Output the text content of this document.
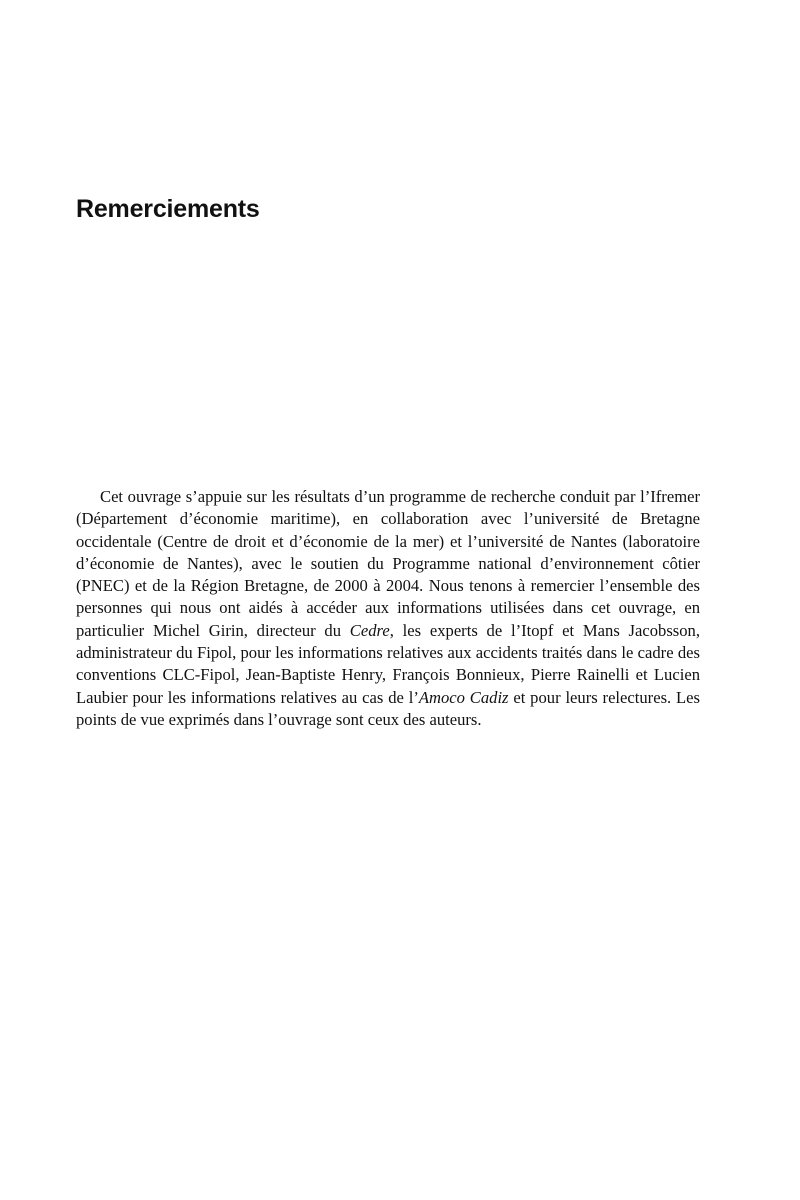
Remerciements

Cet ouvrage s’appuie sur les résultats d’un programme de recherche conduit par l’Ifremer (Département d’économie maritime), en collaboration avec l’université de Bretagne occidentale (Centre de droit et d’économie de la mer) et l’université de Nantes (laboratoire d’économie de Nantes), avec le soutien du Programme national d’environnement côtier (PNEC) et de la Région Bretagne, de 2000 à 2004. Nous tenons à remercier l’ensemble des personnes qui nous ont aidés à accéder aux informations utilisées dans cet ouvrage, en particulier Michel Girin, directeur du Cedre, les experts de l’Itopf et Mans Jacobsson, administrateur du Fipol, pour les informations relatives aux accidents traités dans le cadre des conventions CLC-Fipol, Jean-Baptiste Henry, François Bonnieux, Pierre Rainelli et Lucien Laubier pour les informations relatives au cas de l’Amoco Cadiz et pour leurs relectures. Les points de vue exprimés dans l’ouvrage sont ceux des auteurs.
